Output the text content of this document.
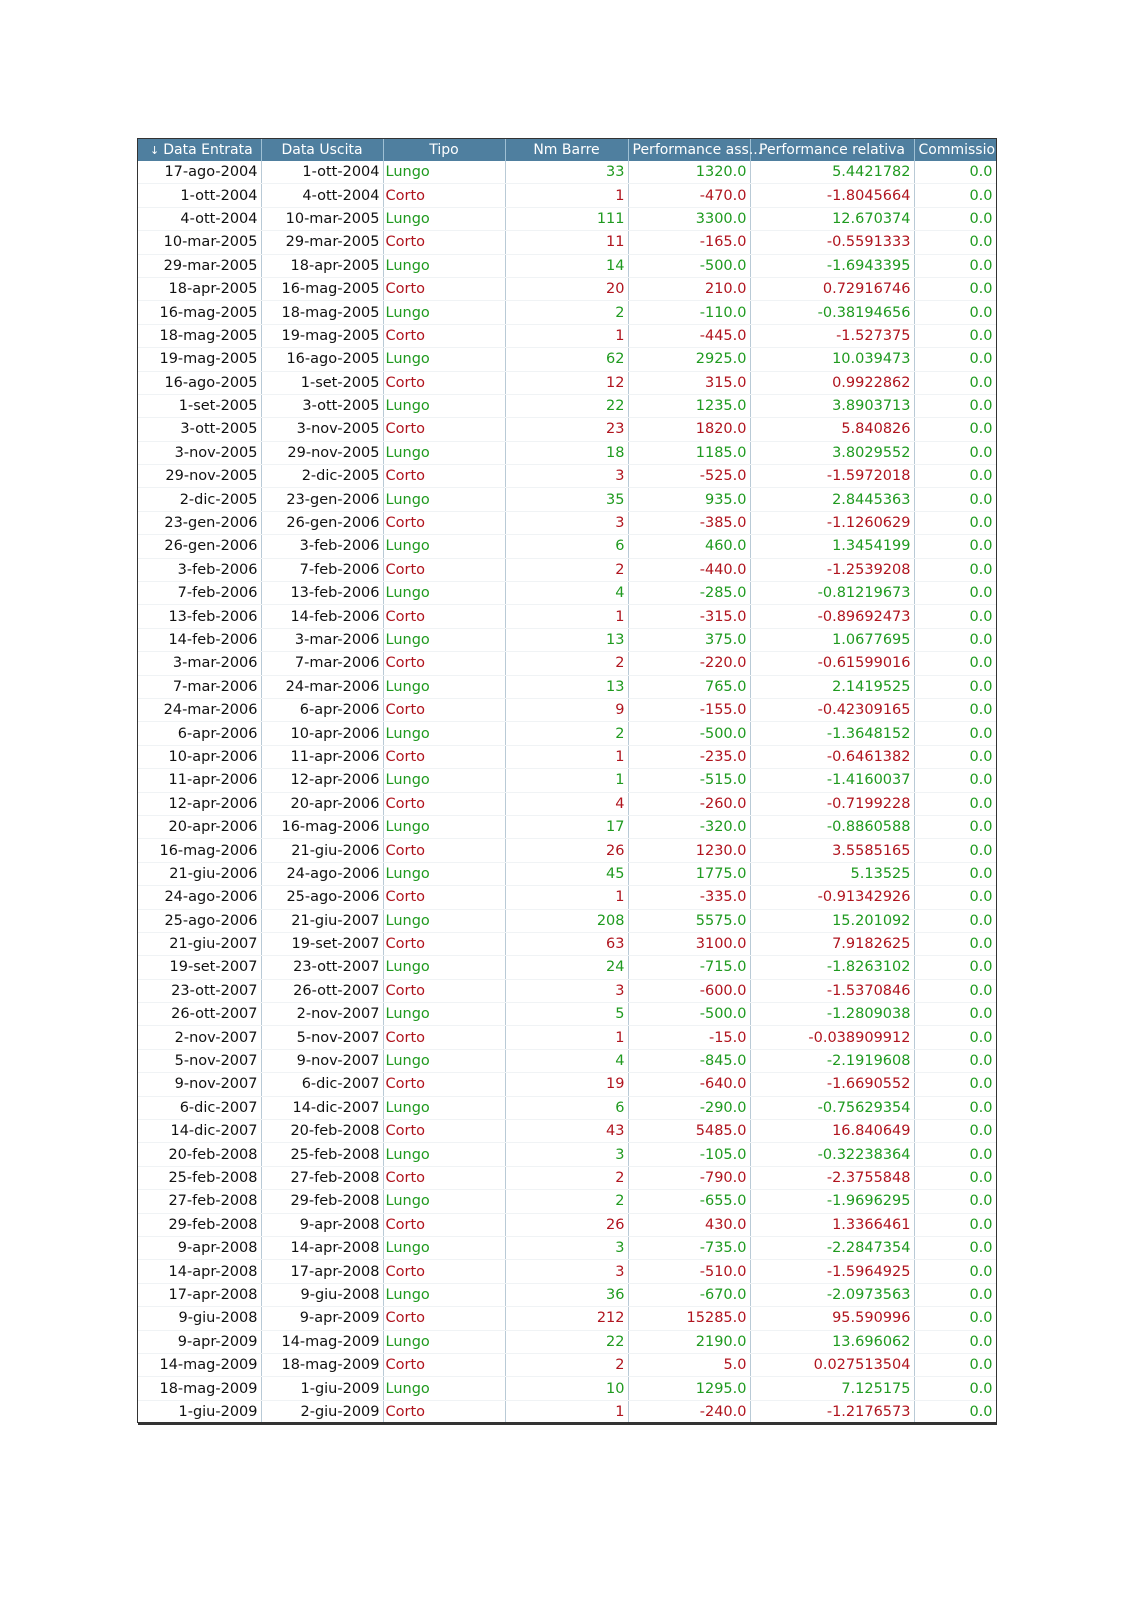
↓ Data Entrata	Data Uscita	Tipo	Nm Barre	Performance ass...	Performance relativa	Commissio...
17-ago-2004	1-ott-2004	Lungo	33	1320.0	5.4421782	0.0
1-ott-2004	4-ott-2004	Corto	1	-470.0	-1.8045664	0.0
4-ott-2004	10-mar-2005	Lungo	111	3300.0	12.670374	0.0
10-mar-2005	29-mar-2005	Corto	11	-165.0	-0.5591333	0.0
29-mar-2005	18-apr-2005	Lungo	14	-500.0	-1.6943395	0.0
18-apr-2005	16-mag-2005	Corto	20	210.0	0.72916746	0.0
16-mag-2005	18-mag-2005	Lungo	2	-110.0	-0.38194656	0.0
18-mag-2005	19-mag-2005	Corto	1	-445.0	-1.527375	0.0
19-mag-2005	16-ago-2005	Lungo	62	2925.0	10.039473	0.0
16-ago-2005	1-set-2005	Corto	12	315.0	0.9922862	0.0
1-set-2005	3-ott-2005	Lungo	22	1235.0	3.8903713	0.0
3-ott-2005	3-nov-2005	Corto	23	1820.0	5.840826	0.0
3-nov-2005	29-nov-2005	Lungo	18	1185.0	3.8029552	0.0
29-nov-2005	2-dic-2005	Corto	3	-525.0	-1.5972018	0.0
2-dic-2005	23-gen-2006	Lungo	35	935.0	2.8445363	0.0
23-gen-2006	26-gen-2006	Corto	3	-385.0	-1.1260629	0.0
26-gen-2006	3-feb-2006	Lungo	6	460.0	1.3454199	0.0
3-feb-2006	7-feb-2006	Corto	2	-440.0	-1.2539208	0.0
7-feb-2006	13-feb-2006	Lungo	4	-285.0	-0.81219673	0.0
13-feb-2006	14-feb-2006	Corto	1	-315.0	-0.89692473	0.0
14-feb-2006	3-mar-2006	Lungo	13	375.0	1.0677695	0.0
3-mar-2006	7-mar-2006	Corto	2	-220.0	-0.61599016	0.0
7-mar-2006	24-mar-2006	Lungo	13	765.0	2.1419525	0.0
24-mar-2006	6-apr-2006	Corto	9	-155.0	-0.42309165	0.0
6-apr-2006	10-apr-2006	Lungo	2	-500.0	-1.3648152	0.0
10-apr-2006	11-apr-2006	Corto	1	-235.0	-0.6461382	0.0
11-apr-2006	12-apr-2006	Lungo	1	-515.0	-1.4160037	0.0
12-apr-2006	20-apr-2006	Corto	4	-260.0	-0.7199228	0.0
20-apr-2006	16-mag-2006	Lungo	17	-320.0	-0.8860588	0.0
16-mag-2006	21-giu-2006	Corto	26	1230.0	3.5585165	0.0
21-giu-2006	24-ago-2006	Lungo	45	1775.0	5.13525	0.0
24-ago-2006	25-ago-2006	Corto	1	-335.0	-0.91342926	0.0
25-ago-2006	21-giu-2007	Lungo	208	5575.0	15.201092	0.0
21-giu-2007	19-set-2007	Corto	63	3100.0	7.9182625	0.0
19-set-2007	23-ott-2007	Lungo	24	-715.0	-1.8263102	0.0
23-ott-2007	26-ott-2007	Corto	3	-600.0	-1.5370846	0.0
26-ott-2007	2-nov-2007	Lungo	5	-500.0	-1.2809038	0.0
2-nov-2007	5-nov-2007	Corto	1	-15.0	-0.038909912	0.0
5-nov-2007	9-nov-2007	Lungo	4	-845.0	-2.1919608	0.0
9-nov-2007	6-dic-2007	Corto	19	-640.0	-1.6690552	0.0
6-dic-2007	14-dic-2007	Lungo	6	-290.0	-0.75629354	0.0
14-dic-2007	20-feb-2008	Corto	43	5485.0	16.840649	0.0
20-feb-2008	25-feb-2008	Lungo	3	-105.0	-0.32238364	0.0
25-feb-2008	27-feb-2008	Corto	2	-790.0	-2.3755848	0.0
27-feb-2008	29-feb-2008	Lungo	2	-655.0	-1.9696295	0.0
29-feb-2008	9-apr-2008	Corto	26	430.0	1.3366461	0.0
9-apr-2008	14-apr-2008	Lungo	3	-735.0	-2.2847354	0.0
14-apr-2008	17-apr-2008	Corto	3	-510.0	-1.5964925	0.0
17-apr-2008	9-giu-2008	Lungo	36	-670.0	-2.0973563	0.0
9-giu-2008	9-apr-2009	Corto	212	15285.0	95.590996	0.0
9-apr-2009	14-mag-2009	Lungo	22	2190.0	13.696062	0.0
14-mag-2009	18-mag-2009	Corto	2	5.0	0.027513504	0.0
18-mag-2009	1-giu-2009	Lungo	10	1295.0	7.125175	0.0
1-giu-2009	2-giu-2009	Corto	1	-240.0	-1.2176573	0.0
